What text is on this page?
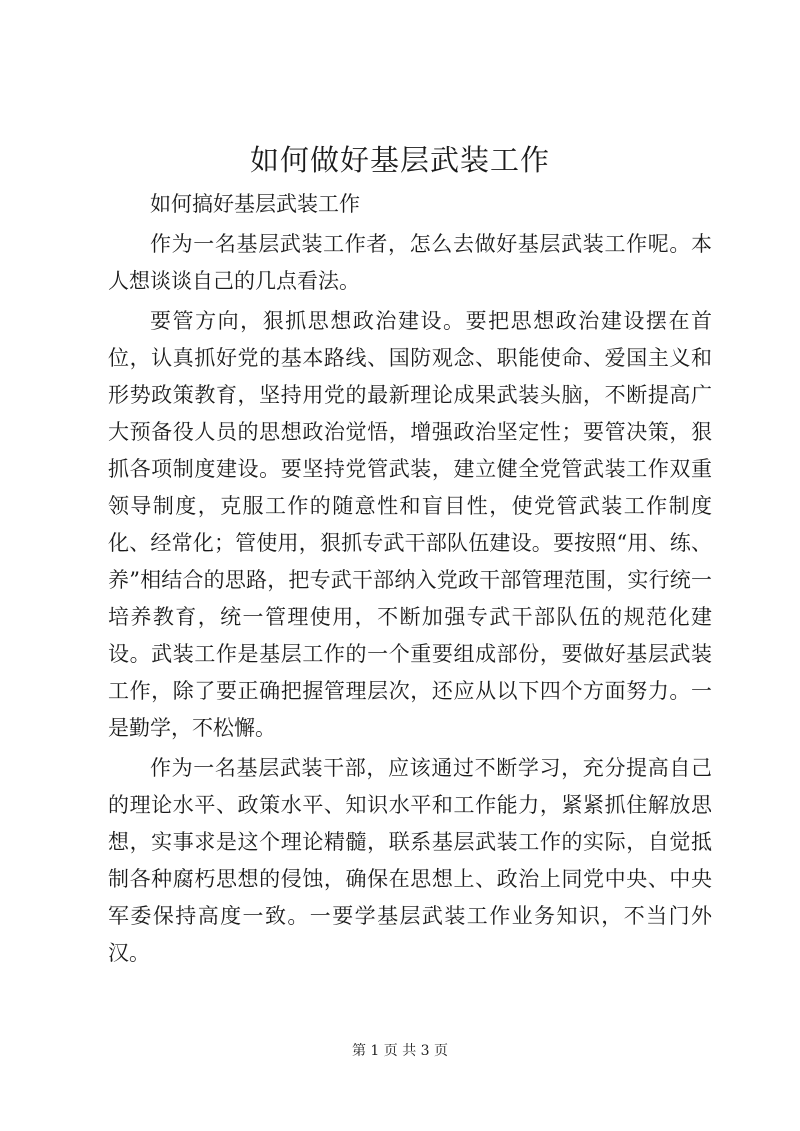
如何做好基层武装工作

如何搞好基层武装工作

作为一名基层武装工作者，怎么去做好基层武装工作呢。本人想谈谈自己的几点看法。

要管方向，狠抓思想政治建设。要把思想政治建设摆在首位，认真抓好党的基本路线、国防观念、职能使命、爱国主义和形势政策教育，坚持用党的最新理论成果武装头脑，不断提高广大预备役人员的思想政治觉悟，增强政治坚定性；要管决策，狠抓各项制度建设。要坚持党管武装，建立健全党管武装工作双重领导制度，克服工作的随意性和盲目性，使党管武装工作制度化、经常化；管使用，狠抓专武干部队伍建设。要按照“用、练、养”相结合的思路，把专武干部纳入党政干部管理范围，实行统一培养教育，统一管理使用，不断加强专武干部队伍的规范化建设。武装工作是基层工作的一个重要组成部份，要做好基层武装工作，除了要正确把握管理层次，还应从以下四个方面努力。一是勤学，不松懈。

作为一名基层武装干部，应该通过不断学习，充分提高自己的理论水平、政策水平、知识水平和工作能力，紧紧抓住解放思想，实事求是这个理论精髓，联系基层武装工作的实际，自觉抵制各种腐朽思想的侵蚀，确保在思想上、政治上同党中央、中央军委保持高度一致。一要学基层武装工作业务知识，不当门外汉。

第 1 页 共 3 页
